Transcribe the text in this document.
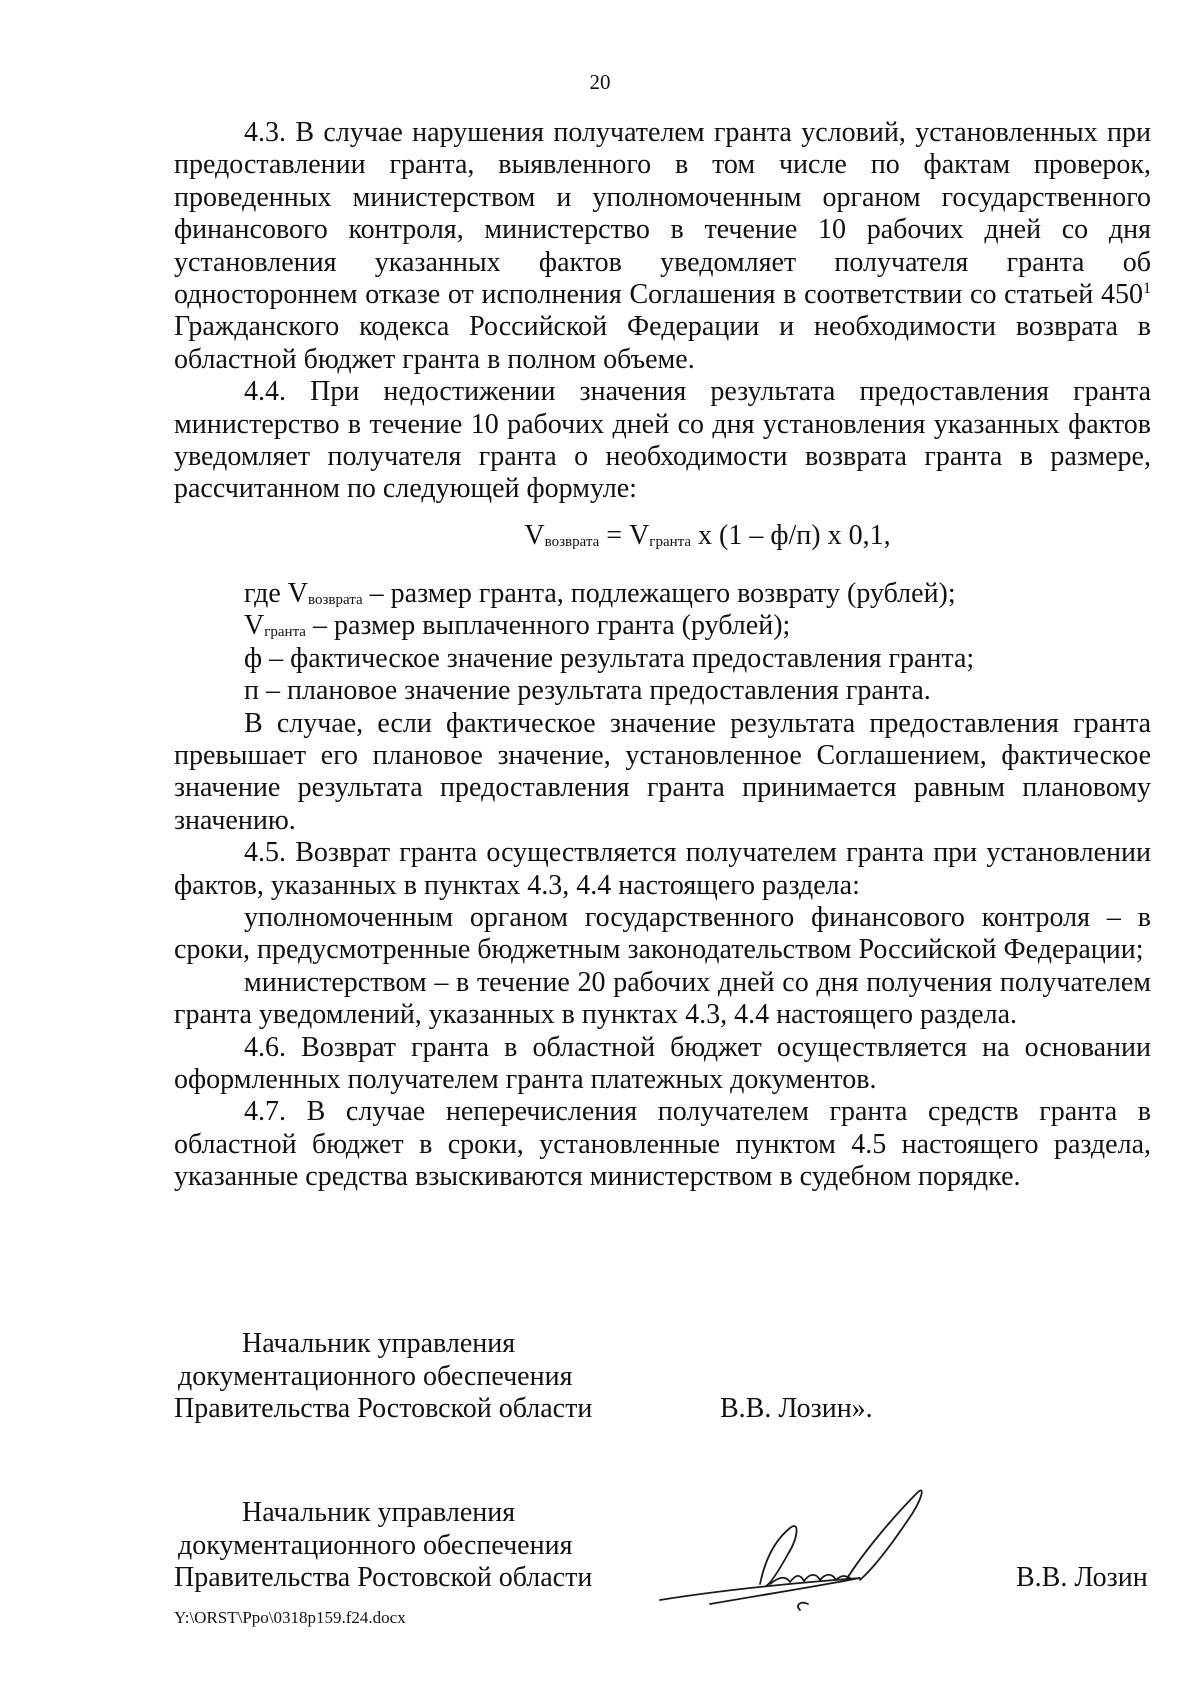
20

4.3. В случае нарушения получателем гранта условий, установленных при предоставлении гранта, выявленного в том числе по фактам проверок, проведенных министерством и уполномоченным органом государственного финансового контроля, министерство в течение 10 рабочих дней со дня установления указанных фактов уведомляет получателя гранта об одностороннем отказе от исполнения Соглашения в соответствии со статьей $450^1$ Гражданского кодекса Российской Федерации и необходимости возврата в областной бюджет гранта в полном объеме.

4.4. При недостижении значения результата предоставления гранта министерство в течение 10 рабочих дней со дня установления указанных фактов уведомляет получателя гранта о необходимости возврата гранта в размере, рассчитанном по следующей формуле:

$V_{возврата} = V_{гранта}$ x (1 – ф/п) x 0,1,

где $V_{возврата}$ – размер гранта, подлежащего возврату (рублей);

$V_{гранта}$ – размер выплаченного гранта (рублей);

ф – фактическое значение результата предоставления гранта;

п – плановое значение результата предоставления гранта.

В случае, если фактическое значение результата предоставления гранта превышает его плановое значение, установленное Соглашением, фактическое значение результата предоставления гранта принимается равным плановому значению.

4.5. Возврат гранта осуществляется получателем гранта при установлении фактов, указанных в пунктах 4.3, 4.4 настоящего раздела:

уполномоченным органом государственного финансового контроля – в сроки, предусмотренные бюджетным законодательством Российской Федерации;

министерством – в течение 20 рабочих дней со дня получения получателем гранта уведомлений, указанных в пунктах 4.3, 4.4 настоящего раздела.

4.6. Возврат гранта в областной бюджет осуществляется на основании оформленных получателем гранта платежных документов.

4.7. В случае неперечисления получателем гранта средств гранта в областной бюджет в сроки, установленные пунктом 4.5 настоящего раздела, указанные средства взыскиваются министерством в судебном порядке.

Начальник управления
документационного обеспечения
Правительства Ростовской области	В.В. Лозин».
Начальник управления
документационного обеспечения
Правительства Ростовской области	В.В. Лозин
Y:\ORST\Ppo\0318p159.f24.docx
